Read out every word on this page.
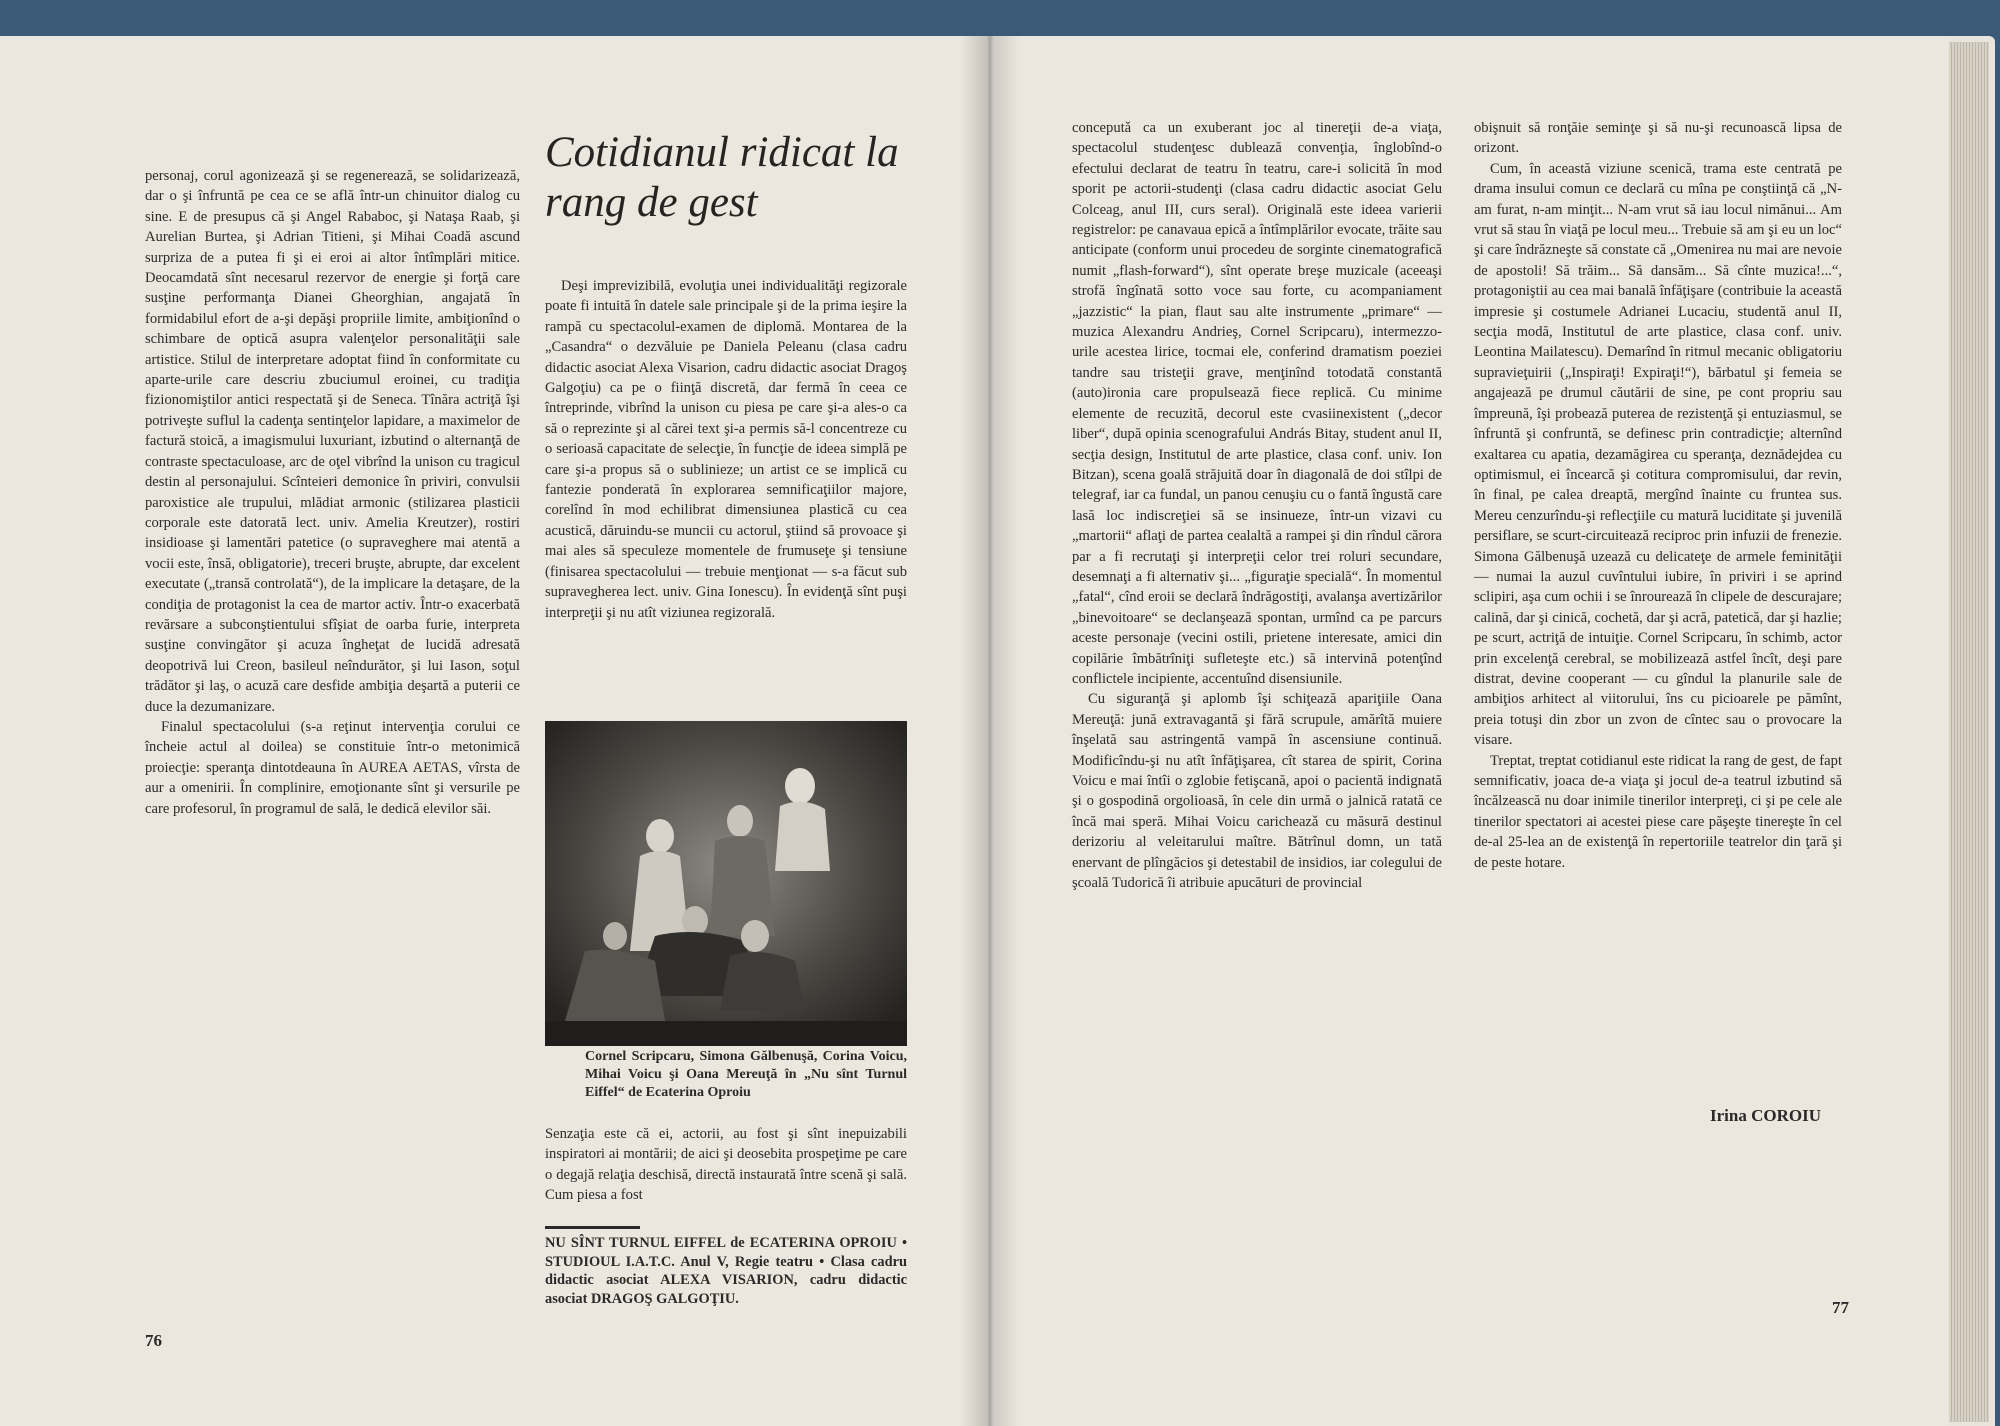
personaj, corul agonizează şi se regenerează, se solidarizează, dar o şi înfruntă pe cea ce se află într-un chinuitor dialog cu sine. E de presupus că şi Angel Rababoc, şi Nataşa Raab, şi Aurelian Burtea, şi Adrian Titieni, şi Mihai Coadă ascund surpriza de a putea fi şi ei eroi ai altor întîmplări mitice. Deocamdată sînt necesarul rezervor de energie şi forţă care susţine performanţa Dianei Gheorghian, angajată în formidabilul efort de a-şi depăşi propriile limite, ambiţionînd o schimbare de optică asupra valenţelor personalităţii sale artistice. Stilul de interpretare adoptat fiind în conformitate cu aparte-urile care descriu zbuciumul eroinei, cu tradiţia fizionomiştilor antici respectată şi de Seneca. Tînăra actriţă îşi potriveşte suflul la cadenţa sentinţelor lapidare, a maximelor de factură stoică, a imagismului luxuriant, izbutind o alternanţă de contraste spectaculoase, arc de oţel vibrînd la unison cu tragicul destin al personajului. Scînteieri demonice în priviri, convulsii paroxistice ale trupului, mlădiat armonic (stilizarea plasticii corporale este datorată lect. univ. Amelia Kreutzer), rostiri insidioase şi lamentări patetice (o supraveghere mai atentă a vocii este, însă, obligatorie), treceri bruşte, abrupte, dar excelent executate („transă controlată“), de la implicare la detaşare, de la condiţia de protagonist la cea de martor activ. Într-o exacerbată revărsare a subconştientului sfîşiat de oarba furie, interpreta susţine convingător şi acuza îngheţat de lucidă adresată deopotrivă lui Creon, basileul neîndurător, şi lui Iason, soţul trădător şi laş, o acuză care desfide ambiţia deşartă a puterii ce duce la dezumanizare.

Finalul spectacolului (s-a reţinut intervenţia corului ce încheie actul al doilea) se constituie într-o metonimică proiecţie: speranţa dintotdeauna în AUREA AETAS, vîrsta de aur a omenirii. În complinire, emoţionante sînt şi versurile pe care profesorul, în programul de sală, le dedică elevilor săi.

Cotidianul ridicat la rang de gest

Deşi imprevizibilă, evoluţia unei individualităţi regizorale poate fi intuită în datele sale principale şi de la prima ieşire la rampă cu spectacolul-examen de diplomă. Montarea de la „Casandra“ o dezvăluie pe Daniela Peleanu (clasa cadru didactic asociat Alexa Visarion, cadru didactic asociat Dragoş Galgoţiu) ca pe o fiinţă discretă, dar fermă în ceea ce întreprinde, vibrînd la unison cu piesa pe care şi-a ales-o ca să o reprezinte şi al cărei text şi-a permis să-l concentreze cu o serioasă capacitate de selecţie, în funcţie de ideea simplă pe care şi-a propus să o sublinieze; un artist ce se implică cu fantezie ponderată în explorarea semnificaţiilor majore, corelînd în mod echilibrat dimensiunea plastică cu cea acustică, dăruindu-se muncii cu actorul, ştiind să provoace şi mai ales să speculeze momentele de frumuseţe şi tensiune (finisarea spectacolului — trebuie menţionat — s-a făcut sub supravegherea lect. univ. Gina Ionescu). În evidenţă sînt puşi interpreţii şi nu atît viziunea regizorală.

Cornel Scripcaru, Simona Gălbenuşă, Corina Voicu, Mihai Voicu şi Oana Mereuţă în „Nu sînt Turnul Eiffel“ de Ecaterina Oproiu

Senzaţia este că ei, actorii, au fost şi sînt inepuizabili inspiratori ai montării; de aici şi deosebita prospeţime pe care o degajă relaţia deschisă, directă instaurată între scenă şi sală. Cum piesa a fost

NU SÎNT TURNUL EIFFEL de ECATERINA OPROIU • STUDIOUL I.A.T.C. Anul V, Regie teatru • Clasa cadru didactic asociat ALEXA VISARION, cadru didactic asociat DRAGOŞ GALGOŢIU.
76

conceputǎ ca un exuberant joc al tinereţii de-a viaţa, spectacolul studenţesc dublează convenţia, înglobînd-o efectului declarat de teatru în teatru, care-i solicită în mod sporit pe actorii-studenţi (clasa cadru didactic asociat Gelu Colceag, anul III, curs seral). Originală este ideea varierii registrelor: pe canavaua epică a întîmplărilor evocate, trăite sau anticipate (conform unui procedeu de sorginte cinematografică numit „flash-forward“), sînt operate breşe muzicale (aceeaşi strofă îngînată sotto voce sau forte, cu acompaniament „jazzistic“ la pian, flaut sau alte instrumente „primare“ — muzica Alexandru Andrieş, Cornel Scripcaru), intermezzo-urile acestea lirice, tocmai ele, conferind dramatism poeziei tandre sau tristeţii grave, menţinînd totodată constantă (auto)ironia care propulsează fiece replică. Cu minime elemente de recuzită, decorul este cvasiinexistent („decor liber“, după opinia scenografului András Bitay, student anul II, secţia design, Institutul de arte plastice, clasa conf. univ. Ion Bitzan), scena goală străjuită doar în diagonală de doi stîlpi de telegraf, iar ca fundal, un panou cenuşiu cu o fantă îngustă care lasă loc indiscreţiei să se insinueze, într-un vizavi cu „martorii“ aflaţi de partea cealaltă a rampei şi din rîndul cărora par a fi recrutaţi şi interpreţii celor trei roluri secundare, desemnaţi a fi alternativ şi... „figuraţie specială“. În momentul „fatal“, cînd eroii se declară îndrăgostiţi, avalanşa avertizărilor „binevoitoare“ se declanşează spontan, urmînd ca pe parcurs aceste personaje (vecini ostili, prietene interesate, amici din copilărie îmbătrîniţi sufleteşte etc.) să intervină potenţînd conflictele incipiente, accentuînd disensiunile.

Cu siguranţă şi aplomb îşi schiţează apariţiile Oana Mereuţă: jună extravagantă şi fără scrupule, amărîtă muiere înşelată sau astringentă vampă în ascensiune continuă. Modificîndu-şi nu atît înfăţişarea, cît starea de spirit, Corina Voicu e mai întîi o zglobie fetişcană, apoi o pacientă indignată şi o gospodină orgolioasă, în cele din urmă o jalnică ratată ce încă mai speră. Mihai Voicu caricheazǎ cu măsură destinul derizoriu al veleitarului maître. Bătrînul domn, un tată enervant de plîngăcios şi detestabil de insidios, iar colegului de şcoală Tudorică îi atribuie apucături de provincial

obişnuit să ronţăie seminţe şi să nu-şi recunoască lipsa de orizont.

Cum, în această viziune scenică, trama este centrată pe drama insului comun ce declară cu mîna pe conştiinţă că „N-am furat, n-am minţit... N-am vrut să iau locul nimănui... Am vrut să stau în viaţă pe locul meu... Trebuie să am şi eu un loc“ şi care îndrăzneşte să constate că „Omenirea nu mai are nevoie de apostoli! Să trăim... Să dansăm... Să cînte muzica!...“, protagoniştii au cea mai banală înfăţişare (contribuie la această impresie şi costumele Adrianei Lucaciu, studentă anul II, secţia modă, Institutul de arte plastice, clasa conf. univ. Leontina Mailatescu). Demarînd în ritmul mecanic obligatoriu supravieţuirii („Inspiraţi! Expiraţi!“), bărbatul şi femeia se angajează pe drumul căutării de sine, pe cont propriu sau împreună, îşi probează puterea de rezistenţă şi entuziasmul, se înfruntă şi confruntă, se definesc prin contradicţie; alternînd exaltarea cu apatia, dezamăgirea cu speranţa, deznădejdea cu optimismul, ei încearcă şi cotitura compromisului, dar revin, în final, pe calea dreaptă, mergînd înainte cu fruntea sus. Mereu cenzurîndu-şi reflecţiile cu matură luciditate şi juvenilă persiflare, se scurt-circuitează reciproc prin infuzii de frenezie. Simona Gălbenuşă uzează cu delicateţe de armele feminităţii — numai la auzul cuvîntului iubire, în priviri i se aprind sclipiri, aşa cum ochii i se înrourează în clipele de descurajare; calină, dar şi cinică, cochetă, dar şi acră, patetică, dar şi hazlie; pe scurt, actriţă de intuiţie. Cornel Scripcaru, în schimb, actor prin excelenţă cerebral, se mobilizează astfel încît, deşi pare distrat, devine cooperant — cu gîndul la planurile sale de ambiţios arhitect al viitorului, îns cu picioarele pe pămînt, preia totuşi din zbor un zvon de cîntec sau o provocare la visare.

Treptat, treptat cotidianul este ridicat la rang de gest, de fapt semnificativ, joaca de-a viaţa şi jocul de-a teatrul izbutind să încălzească nu doar inimile tinerilor interpreţi, ci şi pe cele ale tinerilor spectatori ai acestei piese care păşeşte tinereşte în cel de-al 25-lea an de existenţă în repertoriile teatrelor din ţară şi de peste hotare.

Irina COROIU
77
